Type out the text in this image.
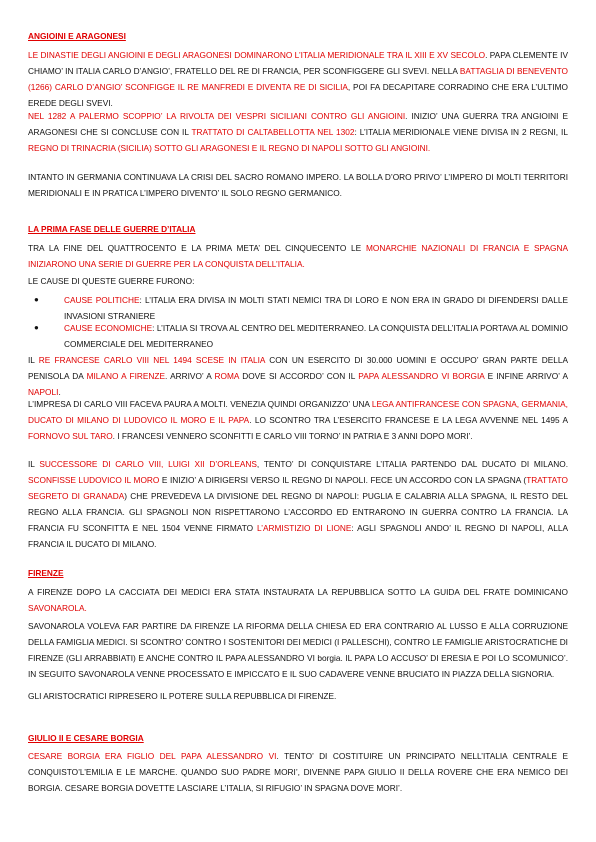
ANGIOINI E ARAGONESI
LE DINASTIE DEGLI ANGIOINI E DEGLI ARAGONESI DOMINARONO L’ITALIA MERIDIONALE TRA IL XIII E XV SECOLO. PAPA CLEMENTE IV CHIAMO’ IN ITALIA CARLO D’ANGIO’, FRATELLO DEL RE DI FRANCIA, PER SCONFIGGERE GLI SVEVI. NELLA BATTAGLIA DI BENEVENTO (1266) CARLO D’ANGIO’ SCONFIGGE IL RE MANFREDI E DIVENTA RE DI SICILIA, POI FA DECAPITARE CORRADINO CHE ERA L’ULTIMO EREDE DEGLI SVEVI.
NEL 1282 A PALERMO SCOPPIO’ LA RIVOLTA DEI VESPRI SICILIANI CONTRO GLI ANGIOINI. INIZIO’ UNA GUERRA TRA ANGIOINI E ARAGONESI CHE SI CONCLUSE CON IL TRATTATO DI CALTABELLOTTA NEL 1302: L’ITALIA MERIDIONALE VIENE DIVISA IN 2 REGNI, IL REGNO DI TRINACRIA (SICILIA) SOTTO GLI ARAGONESI E IL REGNO DI NAPOLI SOTTO GLI ANGIOINI.
INTANTO IN GERMANIA CONTINUAVA LA CRISI DEL SACRO ROMANO IMPERO. LA BOLLA D’ORO PRIVO’ L’IMPERO DI MOLTI TERRITORI MERIDIONALI E IN PRATICA L’IMPERO DIVENTO’ IL SOLO REGNO GERMANICO.
LA PRIMA FASE DELLE GUERRE D’ITALIA
TRA LA FINE DEL QUATTROCENTO E LA PRIMA META’ DEL CINQUECENTO LE MONARCHIE NAZIONALI DI FRANCIA E SPAGNA INIZIARONO UNA SERIE DI GUERRE PER LA CONQUISTA DELL’ITALIA.
LE CAUSE DI QUESTE GUERRE FURONO:
●	CAUSE POLITICHE: L’ITALIA ERA DIVISA IN MOLTI STATI NEMICI TRA DI LORO E NON ERA IN GRADO DI DIFENDERSI DALLE INVASIONI STRANIERE
●	CAUSE ECONOMICHE: L’ITALIA SI TROVA AL CENTRO DEL MEDITERRANEO. LA CONQUISTA DELL’ITALIA PORTAVA AL DOMINIO COMMERCIALE DEL MEDITERRANEO
IL RE FRANCESE CARLO VIII NEL 1494 SCESE IN ITALIA CON UN ESERCITO DI 30.000 UOMINI E OCCUPO’ GRAN PARTE DELLA PENISOLA DA MILANO A FIRENZE. ARRIVO’ A ROMA DOVE SI ACCORDO’ CON IL PAPA ALESSANDRO VI BORGIA E INFINE ARRIVO’ A NAPOLI.
L’IMPRESA DI CARLO VIII FACEVA PAURA A MOLTI. VENEZIA QUINDI ORGANIZZO’ UNA LEGA ANTIFRANCESE CON SPAGNA, GERMANIA, DUCATO DI MILANO DI LUDOVICO IL MORO E IL PAPA. LO SCONTRO TRA L’ESERCITO FRANCESE E LA LEGA AVVENNE NEL 1495 A FORNOVO SUL TARO. I FRANCESI VENNERO SCONFITTI E CARLO VIII TORNO’ IN PATRIA E 3 ANNI DOPO MORI’.
IL SUCCESSORE DI CARLO VIII, LUIGI XII D’ORLEANS, TENTO’ DI CONQUISTARE L’ITALIA PARTENDO DAL DUCATO DI MILANO. SCONFISSE LUDOVICO IL MORO E INIZIO’ A DIRIGERSI VERSO IL REGNO DI NAPOLI. FECE UN ACCORDO CON LA SPAGNA (TRATTATO SEGRETO DI GRANADA) CHE PREVEDEVA LA DIVISIONE DEL REGNO DI NAPOLI: PUGLIA E CALABRIA ALLA SPAGNA, IL RESTO DEL REGNO ALLA FRANCIA. GLI SPAGNOLI NON RISPETTARONO L’ACCORDO ED ENTRARONO IN GUERRA CONTRO LA FRANCIA. LA FRANCIA FU SCONFITTA E NEL 1504 VENNE FIRMATO L’ARMISTIZIO DI LIONE: AGLI SPAGNOLI ANDO’ IL REGNO DI NAPOLI, ALLA FRANCIA IL DUCATO DI MILANO.
FIRENZE
A FIRENZE DOPO LA CACCIATA DEI MEDICI ERA STATA INSTAURATA LA REPUBBLICA SOTTO LA GUIDA DEL FRATE DOMINICANO SAVONAROLA.
SAVONAROLA VOLEVA FAR PARTIRE DA FIRENZE LA RIFORMA DELLA CHIESA ED ERA CONTRARIO AL LUSSO E ALLA CORRUZIONE DELLA FAMIGLIA MEDICI. SI SCONTRO’ CONTRO I SOSTENITORI DEI MEDICI (I PALLESCHI), CONTRO LE FAMIGLIE ARISTOCRATICHE DI FIRENZE (GLI ARRABBIATI) E ANCHE CONTRO IL PAPA ALESSANDRO VI borgia. IL PAPA LO ACCUSO’ DI ERESIA E POI LO SCOMUNICO’. IN SEGUITO SAVONAROLA VENNE PROCESSATO E IMPICCATO E IL SUO CADAVERE VENNE BRUCIATO IN PIAZZA DELLA SIGNORIA.
GLI ARISTOCRATICI RIPRESERO IL POTERE SULLA REPUBBLICA DI FIRENZE.
GIULIO II E CESARE BORGIA
CESARE BORGIA ERA FIGLIO DEL PAPA ALESSANDRO VI. TENTO’ DI COSTITUIRE UN PRINCIPATO NELL’ITALIA CENTRALE E CONQUISTO’L’EMILIA E LE MARCHE. QUANDO SUO PADRE MORI’, DIVENNE PAPA GIULIO II DELLA ROVERE CHE ERA NEMICO DEI BORGIA. CESARE BORGIA DOVETTE LASCIARE L’ITALIA, SI RIFUGIO’ IN SPAGNA DOVE MORI’.
